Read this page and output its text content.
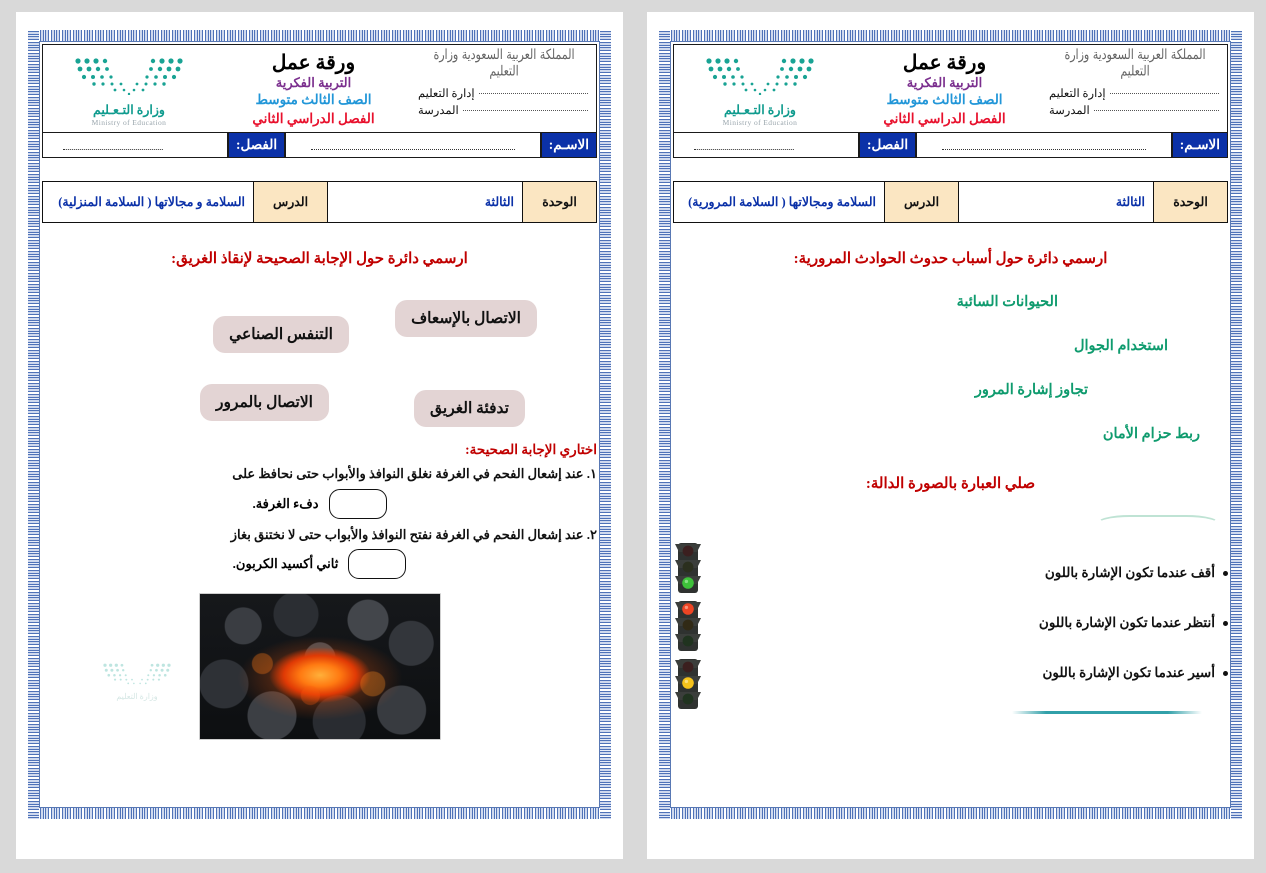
المملكة العربية السعودية وزارة التعليم
إدارة التعليم
المدرسة
ورقة عمل
التربية الفكرية
الصف الثالث متوسط
الفصل الدراسي الثاني
وزارة التـعـليم
Ministry of Education
الاسـم:
الفصل:
الوحدة
الثالثة
الدرس
السلامة ومجالاتها ( السلامة المرورية)
ارسمي دائرة حول أسباب حدوث الحوادث المرورية:
الحيوانات السائبة
استخدام الجوال
تجاوز إشارة المرور
ربط حزام الأمان
صلي العبارة بالصورة الدالة:
أقف عندما تكون الإشارة باللون
أنتظر عندما تكون الإشارة باللون
أسير عندما تكون الإشارة باللون
المملكة العربية السعودية وزارة التعليم
إدارة التعليم
المدرسة
ورقة عمل
التربية الفكرية
الصف الثالث متوسط
الفصل الدراسي الثاني
وزارة التـعـليم
Ministry of Education
الاسـم:
الفصل:
الوحدة
الثالثة
الدرس
السلامة و مجالاتها ( السلامة المنزلية)
ارسمي دائرة حول الإجابة الصحيحة لإنقاذ الغريق:
الاتصال بالإسعاف
التنفس الصناعي
تدفئة الغريق
الاتصال بالمرور
اختاري الإجابة الصحيحة:
١. عند إشعال الفحم في الغرفة نغلق النوافذ والأبواب حتى نحافظ على
دفء الغرفة.
٢. عند إشعال الفحم في الغرفة نفتح النوافذ والأبواب حتى لا نختنق بغاز
ثاني أكسيد الكربون.
وزارة التعليم
